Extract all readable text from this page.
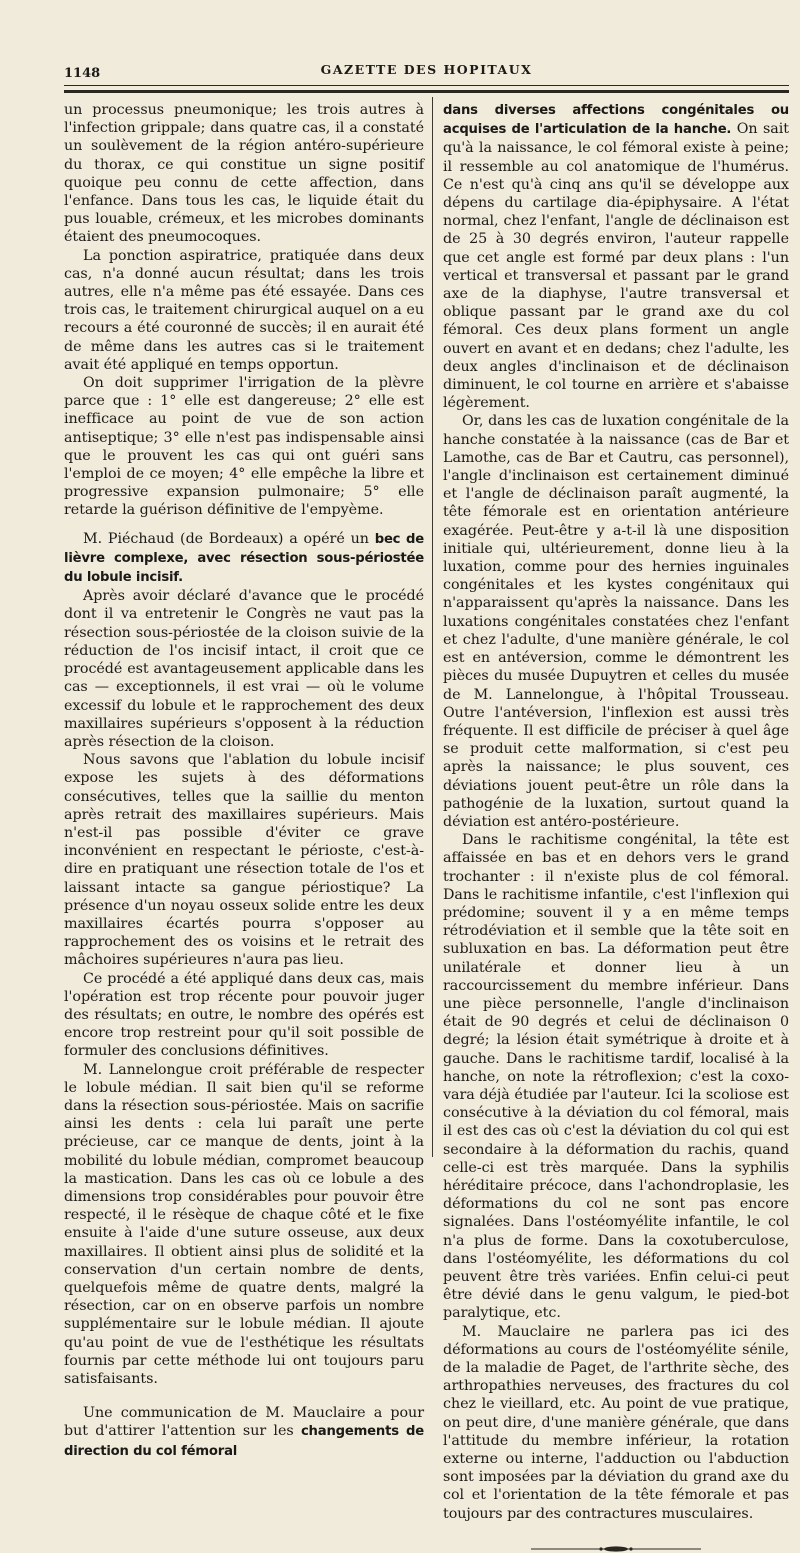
1148	GAZETTE DES HOPITAUX

un processus pneumonique; les trois autres à l'infection grippale; dans quatre cas, il a constaté un soulèvement de la région antéro-supérieure du thorax, ce qui constitue un signe positif quoique peu connu de cette affection, dans l'enfance. Dans tous les cas, le liquide était du pus louable, crémeux, et les microbes dominants étaient des pneumocoques.

La ponction aspiratrice, pratiquée dans deux cas, n'a donné aucun résultat; dans les trois autres, elle n'a même pas été essayée. Dans ces trois cas, le traitement chirurgical auquel on a eu recours a été couronné de succès; il en aurait été de même dans les autres cas si le traitement avait été appliqué en temps opportun.

On doit supprimer l'irrigation de la plèvre parce que : 1° elle est dangereuse; 2° elle est inefficace au point de vue de son action antiseptique; 3° elle n'est pas indispensable ainsi que le prouvent les cas qui ont guéri sans l'emploi de ce moyen; 4° elle empêche la libre et progressive expansion pulmonaire; 5° elle retarde la guérison définitive de l'empyème.

M. Piéchaud (de Bordeaux) a opéré un bec de lièvre complexe, avec résection sous-périostée du lobule incisif.

Après avoir déclaré d'avance que le procédé dont il va entretenir le Congrès ne vaut pas la résection sous-périostée de la cloison suivie de la réduction de l'os incisif intact, il croit que ce procédé est avantageusement applicable dans les cas — exceptionnels, il est vrai — où le volume excessif du lobule et le rapprochement des deux maxillaires supérieurs s'opposent à la réduction après résection de la cloison.

Nous savons que l'ablation du lobule incisif expose les sujets à des déformations consécutives, telles que la saillie du menton après retrait des maxillaires supérieurs. Mais n'est-il pas possible d'éviter ce grave inconvénient en respectant le périoste, c'est-à-dire en pratiquant une résection totale de l'os et laissant intacte sa gangue périostique? La présence d'un noyau osseux solide entre les deux maxillaires écartés pourra s'opposer au rapprochement des os voisins et le retrait des mâchoires supérieures n'aura pas lieu.

Ce procédé a été appliqué dans deux cas, mais l'opération est trop récente pour pouvoir juger des résultats; en outre, le nombre des opérés est encore trop restreint pour qu'il soit possible de formuler des conclusions définitives.

M. Lannelongue croit préférable de respecter le lobule médian. Il sait bien qu'il se reforme dans la résection sous-périostée. Mais on sacrifie ainsi les dents : cela lui paraît une perte précieuse, car ce manque de dents, joint à la mobilité du lobule médian, compromet beaucoup la mastication. Dans les cas où ce lobule a des dimensions trop considérables pour pouvoir être respecté, il le résèque de chaque côté et le fixe ensuite à l'aide d'une suture osseuse, aux deux maxillaires. Il obtient ainsi plus de solidité et la conservation d'un certain nombre de dents, quelquefois même de quatre dents, malgré la résection, car on en observe parfois un nombre supplémentaire sur le lobule médian. Il ajoute qu'au point de vue de l'esthétique les résultats fournis par cette méthode lui ont toujours paru satisfaisants.

Une communication de M. Mauclaire a pour but d'attirer l'attention sur les changements de direction du col fémoral

dans diverses affections congénitales ou acquises de l'articulation de la hanche. On sait qu'à la naissance, le col fémoral existe à peine; il ressemble au col anatomique de l'humérus. Ce n'est qu'à cinq ans qu'il se développe aux dépens du cartilage dia-épiphysaire. A l'état normal, chez l'enfant, l'angle de déclinaison est de 25 à 30 degrés environ, l'auteur rappelle que cet angle est formé par deux plans : l'un vertical et transversal et passant par le grand axe de la diaphyse, l'autre transversal et oblique passant par le grand axe du col fémoral. Ces deux plans forment un angle ouvert en avant et en dedans; chez l'adulte, les deux angles d'inclinaison et de déclinaison diminuent, le col tourne en arrière et s'abaisse légèrement.

Or, dans les cas de luxation congénitale de la hanche constatée à la naissance (cas de Bar et Lamothe, cas de Bar et Cautru, cas personnel), l'angle d'inclinaison est certainement diminué et l'angle de déclinaison paraît augmenté, la tête fémorale est en orientation antérieure exagérée. Peut-être y a-t-il là une disposition initiale qui, ultérieurement, donne lieu à la luxation, comme pour des hernies inguinales congénitales et les kystes congénitaux qui n'apparaissent qu'après la naissance. Dans les luxations congénitales constatées chez l'enfant et chez l'adulte, d'une manière générale, le col est en antéversion, comme le démontrent les pièces du musée Dupuytren et celles du musée de M. Lannelongue, à l'hôpital Trousseau. Outre l'antéversion, l'inflexion est aussi très fréquente. Il est difficile de préciser à quel âge se produit cette malformation, si c'est peu après la naissance; le plus souvent, ces déviations jouent peut-être un rôle dans la pathogénie de la luxation, surtout quand la déviation est antéro-postérieure.

Dans le rachitisme congénital, la tête est affaissée en bas et en dehors vers le grand trochanter : il n'existe plus de col fémoral. Dans le rachitisme infantile, c'est l'inflexion qui prédomine; souvent il y a en même temps rétrodéviation et il semble que la tête soit en subluxation en bas. La déformation peut être unilatérale et donner lieu à un raccourcissement du membre inférieur. Dans une pièce personnelle, l'angle d'inclinaison était de 90 degrés et celui de déclinaison 0 degré; la lésion était symétrique à droite et à gauche. Dans le rachitisme tardif, localisé à la hanche, on note la rétroflexion; c'est la coxo-vara déjà étudiée par l'auteur. Ici la scoliose est consécutive à la déviation du col fémoral, mais il est des cas où c'est la déviation du col qui est secondaire à la déformation du rachis, quand celle-ci est très marquée. Dans la syphilis héréditaire précoce, dans l'achondroplasie, les déformations du col ne sont pas encore signalées. Dans l'ostéomyélite infantile, le col n'a plus de forme. Dans la coxotuberculose, dans l'ostéomyélite, les déformations du col peuvent être très variées. Enfin celui-ci peut être dévié dans le genu valgum, le pied-bot paralytique, etc.

M. Mauclaire ne parlera pas ici des déformations au cours de l'ostéomyélite sénile, de la maladie de Paget, de l'arthrite sèche, des arthropathies nerveuses, des fractures du col chez le vieillard, etc. Au point de vue pratique, on peut dire, d'une manière générale, que dans l'attitude du membre inférieur, la rotation externe ou interne, l'adduction ou l'abduction sont imposées par la déviation du grand axe du col et l'orientation de la tête fémorale et pas toujours par des contractures musculaires.
